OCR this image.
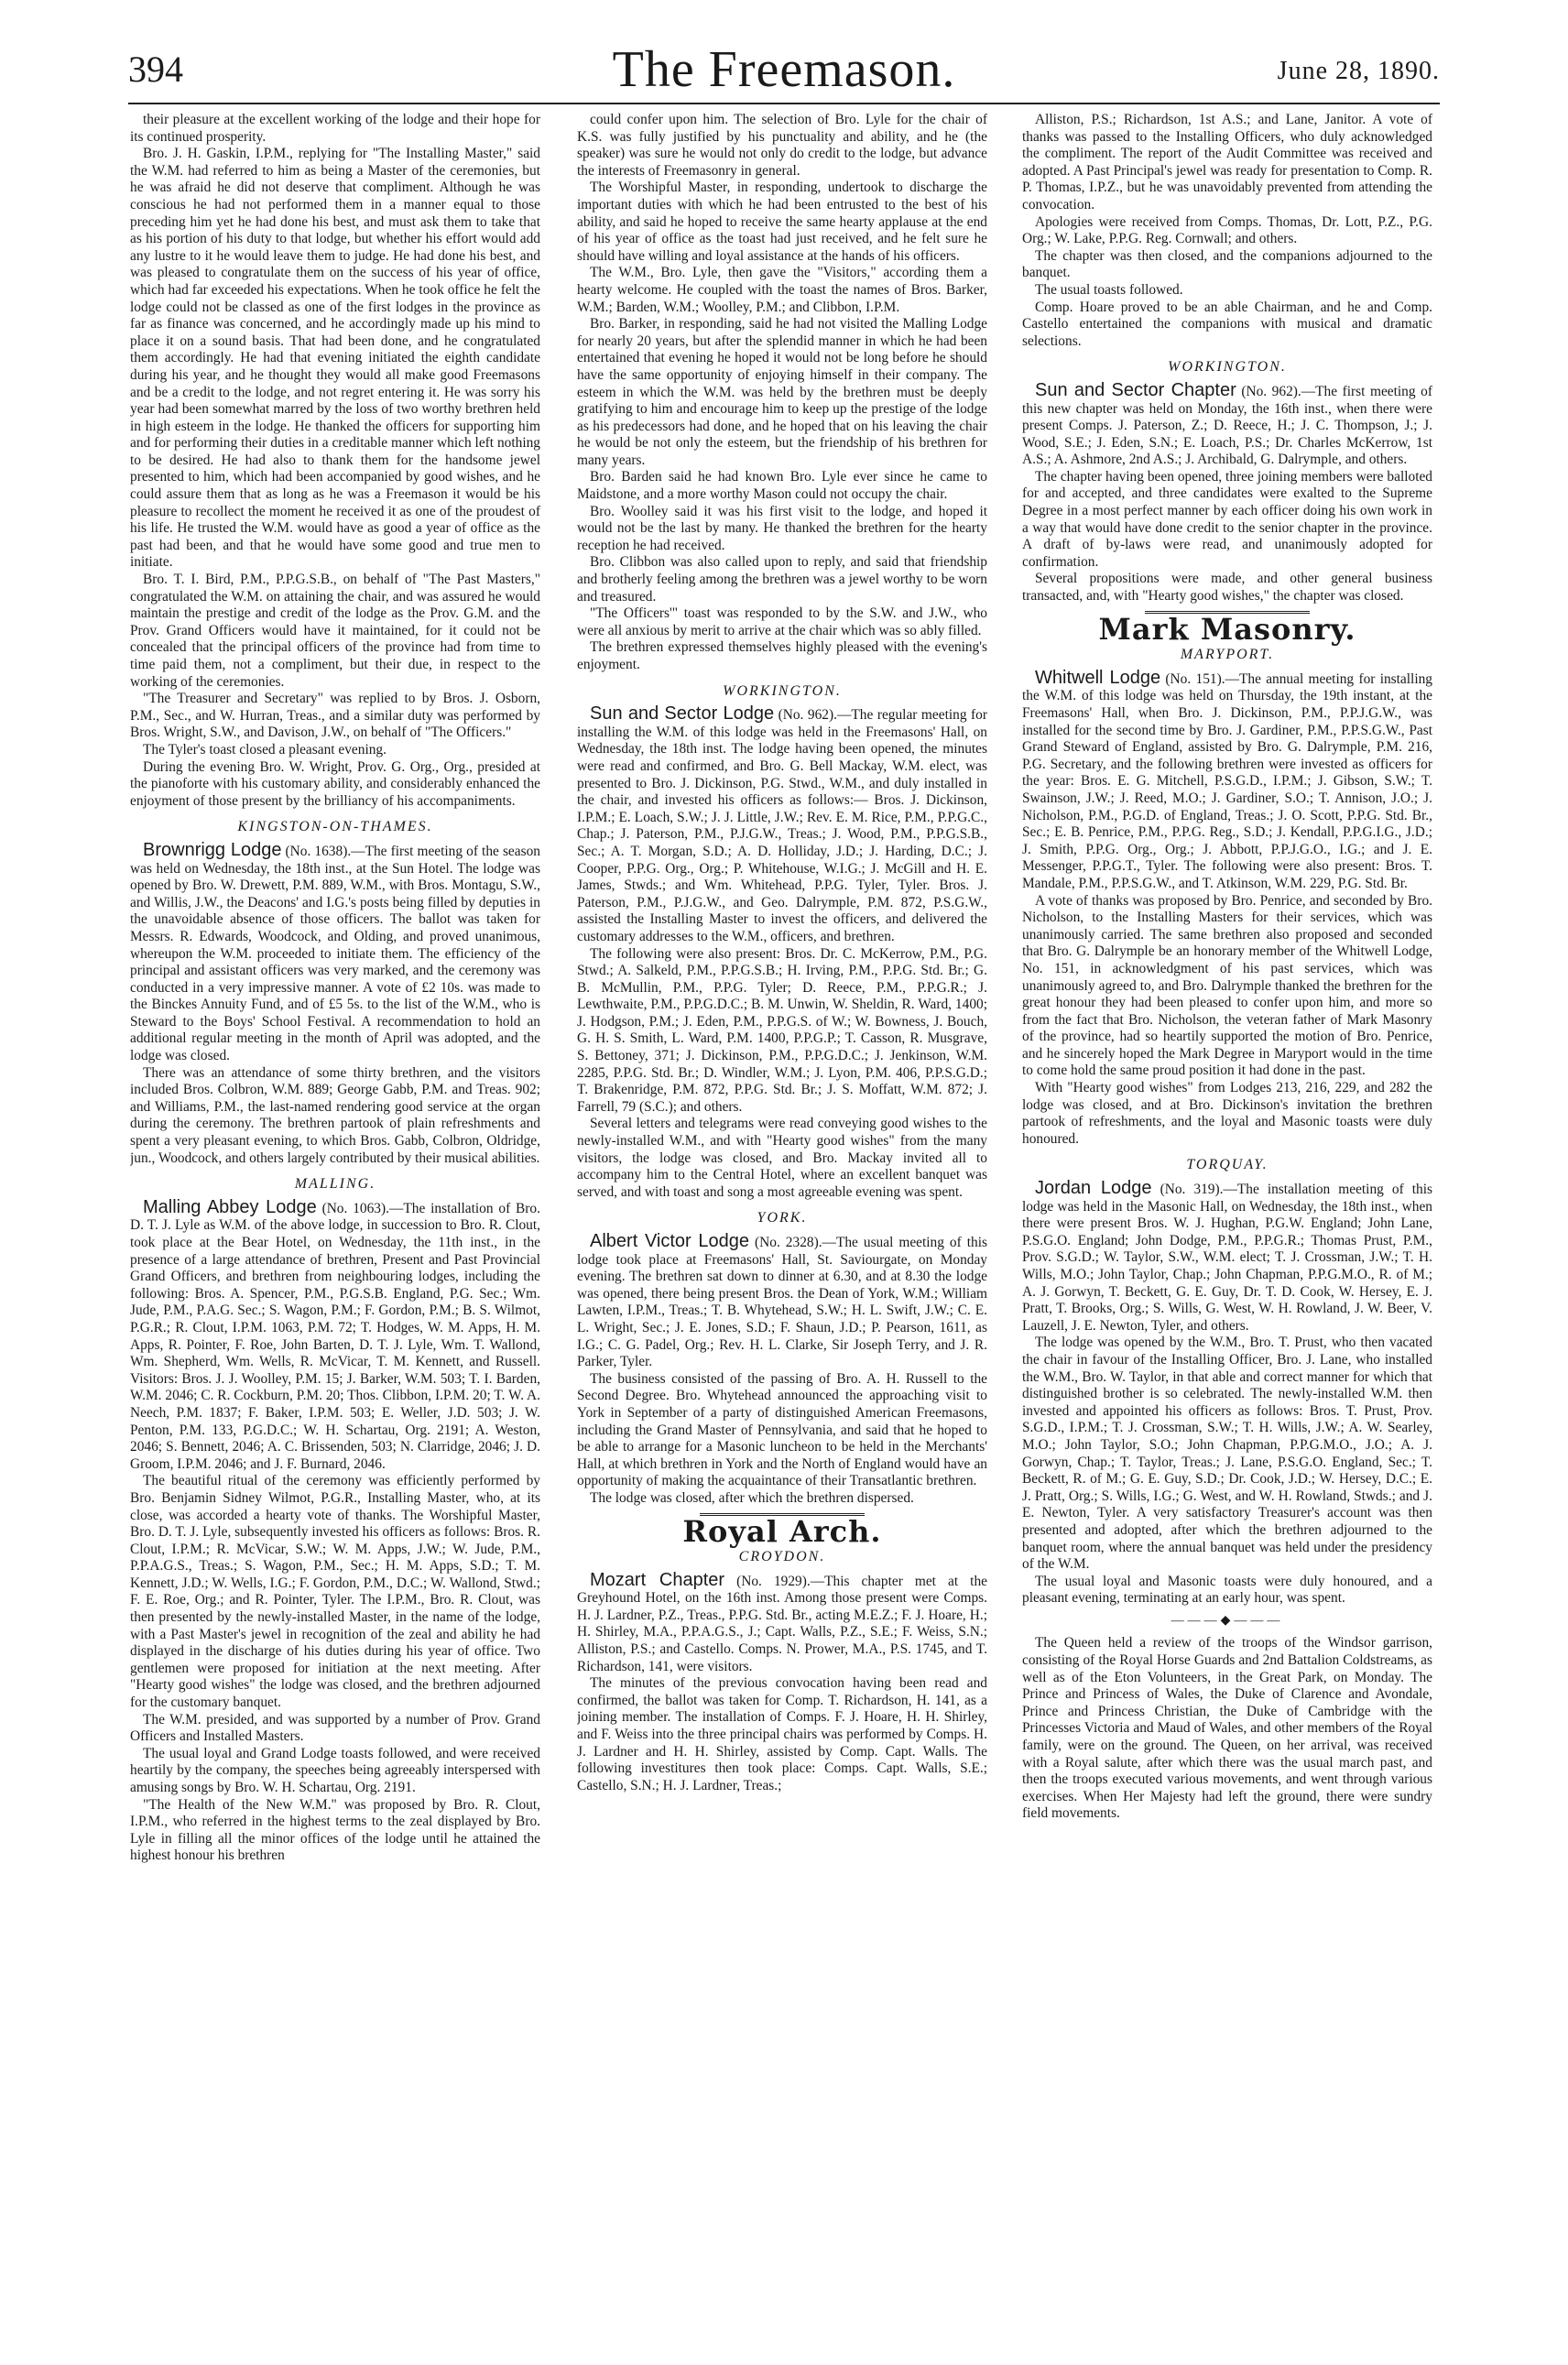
394	The Freemason.	June 28, 1890.

their pleasure at the excellent working of the lodge and their hope for its continued prosperity.

Bro. J. H. Gaskin, I.P.M., replying for "The Installing Master," said the W.M. had referred to him as being a Master of the ceremonies, but he was afraid he did not deserve that compliment. Although he was conscious he had not performed them in a manner equal to those preceding him yet he had done his best, and must ask them to take that as his portion of his duty to that lodge, but whether his effort would add any lustre to it he would leave them to judge. He had done his best, and was pleased to congratulate them on the success of his year of office, which had far exceeded his expectations. When he took office he felt the lodge could not be classed as one of the first lodges in the province as far as finance was concerned, and he accordingly made up his mind to place it on a sound basis. That had been done, and he congratulated them accordingly. He had that evening initiated the eighth candidate during his year, and he thought they would all make good Freemasons and be a credit to the lodge, and not regret entering it. He was sorry his year had been somewhat marred by the loss of two worthy brethren held in high esteem in the lodge. He thanked the officers for supporting him and for performing their duties in a creditable manner which left nothing to be desired. He had also to thank them for the handsome jewel presented to him, which had been accompanied by good wishes, and he could assure them that as long as he was a Freemason it would be his pleasure to recollect the moment he received it as one of the proudest of his life. He trusted the W.M. would have as good a year of office as the past had been, and that he would have some good and true men to initiate.

Bro. T. I. Bird, P.M., P.P.G.S.B., on behalf of "The Past Masters," congratulated the W.M. on attaining the chair, and was assured he would maintain the prestige and credit of the lodge as the Prov. G.M. and the Prov. Grand Officers would have it maintained, for it could not be concealed that the principal officers of the province had from time to time paid them, not a compliment, but their due, in respect to the working of the ceremonies.

"The Treasurer and Secretary" was replied to by Bros. J. Osborn, P.M., Sec., and W. Hurran, Treas., and a similar duty was performed by Bros. Wright, S.W., and Davison, J.W., on behalf of "The Officers."

The Tyler's toast closed a pleasant evening.

During the evening Bro. W. Wright, Prov. G. Org., Org., presided at the pianoforte with his customary ability, and considerably enhanced the enjoyment of those present by the brilliancy of his accompaniments.

KINGSTON-ON-THAMES.

Brownrigg Lodge (No. 1638).—The first meeting of the season was held on Wednesday, the 18th inst., at the Sun Hotel. The lodge was opened by Bro. W. Drewett, P.M. 889, W.M., with Bros. Montagu, S.W., and Willis, J.W., the Deacons' and I.G.'s posts being filled by deputies in the unavoidable absence of those officers. The ballot was taken for Messrs. R. Edwards, Woodcock, and Olding, and proved unanimous, whereupon the W.M. proceeded to initiate them. The efficiency of the principal and assistant officers was very marked, and the ceremony was conducted in a very impressive manner. A vote of £2 10s. was made to the Binckes Annuity Fund, and of £5 5s. to the list of the W.M., who is Steward to the Boys' School Festival. A recommendation to hold an additional regular meeting in the month of April was adopted, and the lodge was closed.

There was an attendance of some thirty brethren, and the visitors included Bros. Colbron, W.M. 889; George Gabb, P.M. and Treas. 902; and Williams, P.M., the last-named rendering good service at the organ during the ceremony. The brethren partook of plain refreshments and spent a very pleasant evening, to which Bros. Gabb, Colbron, Oldridge, jun., Woodcock, and others largely contributed by their musical abilities.

MALLING.

Malling Abbey Lodge (No. 1063).—The installation of Bro. D. T. J. Lyle as W.M. of the above lodge, in succession to Bro. R. Clout, took place at the Bear Hotel, on Wednesday, the 11th inst., in the presence of a large attendance of brethren, Present and Past Provincial Grand Officers, and brethren from neighbouring lodges, including the following: Bros. A. Spencer, P.M., P.G.S.B. England, P.G. Sec.; Wm. Jude, P.M., P.A.G. Sec.; S. Wagon, P.M.; F. Gordon, P.M.; B. S. Wilmot, P.G.R.; R. Clout, I.P.M. 1063, P.M. 72; T. Hodges, W. M. Apps, H. M. Apps, R. Pointer, F. Roe, John Barten, D. T. J. Lyle, Wm. T. Wallond, Wm. Shepherd, Wm. Wells, R. McVicar, T. M. Kennett, and Russell. Visitors: Bros. J. J. Woolley, P.M. 15; J. Barker, W.M. 503; T. I. Barden, W.M. 2046; C. R. Cockburn, P.M. 20; Thos. Clibbon, I.P.M. 20; T. W. A. Neech, P.M. 1837; F. Baker, I.P.M. 503; E. Weller, J.D. 503; J. W. Penton, P.M. 133, P.G.D.C.; W. H. Schartau, Org. 2191; A. Weston, 2046; S. Bennett, 2046; A. C. Brissenden, 503; N. Clarridge, 2046; J. D. Groom, I.P.M. 2046; and J. F. Burnard, 2046.

The beautiful ritual of the ceremony was efficiently performed by Bro. Benjamin Sidney Wilmot, P.G.R., Installing Master, who, at its close, was accorded a hearty vote of thanks. The Worshipful Master, Bro. D. T. J. Lyle, subsequently invested his officers as follows: Bros. R. Clout, I.P.M.; R. McVicar, S.W.; W. M. Apps, J.W.; W. Jude, P.M., P.P.A.G.S., Treas.; S. Wagon, P.M., Sec.; H. M. Apps, S.D.; T. M. Kennett, J.D.; W. Wells, I.G.; F. Gordon, P.M., D.C.; W. Wallond, Stwd.; F. E. Roe, Org.; and R. Pointer, Tyler. The I.P.M., Bro. R. Clout, was then presented by the newly-installed Master, in the name of the lodge, with a Past Master's jewel in recognition of the zeal and ability he had displayed in the discharge of his duties during his year of office. Two gentlemen were proposed for initiation at the next meeting. After "Hearty good wishes" the lodge was closed, and the brethren adjourned for the customary banquet.

The W.M. presided, and was supported by a number of Prov. Grand Officers and Installed Masters.

The usual loyal and Grand Lodge toasts followed, and were received heartily by the company, the speeches being agreeably interspersed with amusing songs by Bro. W. H. Schartau, Org. 2191.

"The Health of the New W.M." was proposed by Bro. R. Clout, I.P.M., who referred in the highest terms to the zeal displayed by Bro. Lyle in filling all the minor offices of the lodge until he attained the highest honour his brethren

could confer upon him. The selection of Bro. Lyle for the chair of K.S. was fully justified by his punctuality and ability, and he (the speaker) was sure he would not only do credit to the lodge, but advance the interests of Freemasonry in general.

The Worshipful Master, in responding, undertook to discharge the important duties with which he had been entrusted to the best of his ability, and said he hoped to receive the same hearty applause at the end of his year of office as the toast had just received, and he felt sure he should have willing and loyal assistance at the hands of his officers.

The W.M., Bro. Lyle, then gave the "Visitors," according them a hearty welcome. He coupled with the toast the names of Bros. Barker, W.M.; Barden, W.M.; Woolley, P.M.; and Clibbon, I.P.M.

Bro. Barker, in responding, said he had not visited the Malling Lodge for nearly 20 years, but after the splendid manner in which he had been entertained that evening he hoped it would not be long before he should have the same opportunity of enjoying himself in their company. The esteem in which the W.M. was held by the brethren must be deeply gratifying to him and encourage him to keep up the prestige of the lodge as his predecessors had done, and he hoped that on his leaving the chair he would be not only the esteem, but the friendship of his brethren for many years.

Bro. Barden said he had known Bro. Lyle ever since he came to Maidstone, and a more worthy Mason could not occupy the chair.

Bro. Woolley said it was his first visit to the lodge, and hoped it would not be the last by many. He thanked the brethren for the hearty reception he had received.

Bro. Clibbon was also called upon to reply, and said that friendship and brotherly feeling among the brethren was a jewel worthy to be worn and treasured.

"The Officers'" toast was responded to by the S.W. and J.W., who were all anxious by merit to arrive at the chair which was so ably filled.

The brethren expressed themselves highly pleased with the evening's enjoyment.

WORKINGTON.

Sun and Sector Lodge (No. 962).—The regular meeting for installing the W.M. of this lodge was held in the Freemasons' Hall, on Wednesday, the 18th inst. The lodge having been opened, the minutes were read and confirmed, and Bro. G. Bell Mackay, W.M. elect, was presented to Bro. J. Dickinson, P.G. Stwd., W.M., and duly installed in the chair, and invested his officers as follows:— Bros. J. Dickinson, I.P.M.; E. Loach, S.W.; J. J. Little, J.W.; Rev. E. M. Rice, P.M., P.P.G.C., Chap.; J. Paterson, P.M., P.J.G.W., Treas.; J. Wood, P.M., P.P.G.S.B., Sec.; A. T. Morgan, S.D.; A. D. Holliday, J.D.; J. Harding, D.C.; J. Cooper, P.P.G. Org., Org.; P. Whitehouse, W.I.G.; J. McGill and H. E. James, Stwds.; and Wm. Whitehead, P.P.G. Tyler, Tyler. Bros. J. Paterson, P.M., P.J.G.W., and Geo. Dalrymple, P.M. 872, P.S.G.W., assisted the Installing Master to invest the officers, and delivered the customary addresses to the W.M., officers, and brethren.

The following were also present: Bros. Dr. C. McKerrow, P.M., P.G. Stwd.; A. Salkeld, P.M., P.P.G.S.B.; H. Irving, P.M., P.P.G. Std. Br.; G. B. McMullin, P.M., P.P.G. Tyler; D. Reece, P.M., P.P.G.R.; J. Lewthwaite, P.M., P.P.G.D.C.; B. M. Unwin, W. Sheldin, R. Ward, 1400; J. Hodgson, P.M.; J. Eden, P.M., P.P.G.S. of W.; W. Bowness, J. Bouch, G. H. S. Smith, L. Ward, P.M. 1400, P.P.G.P.; T. Casson, R. Musgrave, S. Bettoney, 371; J. Dickinson, P.M., P.P.G.D.C.; J. Jenkinson, W.M. 2285, P.P.G. Std. Br.; D. Windler, W.M.; J. Lyon, P.M. 406, P.P.S.G.D.; T. Brakenridge, P.M. 872, P.P.G. Std. Br.; J. S. Moffatt, W.M. 872; J. Farrell, 79 (S.C.); and others.

Several letters and telegrams were read conveying good wishes to the newly-installed W.M., and with "Hearty good wishes" from the many visitors, the lodge was closed, and Bro. Mackay invited all to accompany him to the Central Hotel, where an excellent banquet was served, and with toast and song a most agreeable evening was spent.

YORK.

Albert Victor Lodge (No. 2328).—The usual meeting of this lodge took place at Freemasons' Hall, St. Saviourgate, on Monday evening. The brethren sat down to dinner at 6.30, and at 8.30 the lodge was opened, there being present Bros. the Dean of York, W.M.; William Lawten, I.P.M., Treas.; T. B. Whytehead, S.W.; H. L. Swift, J.W.; C. E. L. Wright, Sec.; J. E. Jones, S.D.; F. Shaun, J.D.; P. Pearson, 1611, as I.G.; C. G. Padel, Org.; Rev. H. L. Clarke, Sir Joseph Terry, and J. R. Parker, Tyler.

The business consisted of the passing of Bro. A. H. Russell to the Second Degree. Bro. Whytehead announced the approaching visit to York in September of a party of distinguished American Freemasons, including the Grand Master of Pennsylvania, and said that he hoped to be able to arrange for a Masonic luncheon to be held in the Merchants' Hall, at which brethren in York and the North of England would have an opportunity of making the acquaintance of their Transatlantic brethren.

The lodge was closed, after which the brethren dispersed.

Royal Arch.
CROYDON.

Mozart Chapter (No. 1929).—This chapter met at the Greyhound Hotel, on the 16th inst. Among those present were Comps. H. J. Lardner, P.Z., Treas., P.P.G. Std. Br., acting M.E.Z.; F. J. Hoare, H.; H. Shirley, M.A., P.P.A.G.S., J.; Capt. Walls, P.Z., S.E.; F. Weiss, S.N.; Alliston, P.S.; and Castello. Comps. N. Prower, M.A., P.S. 1745, and T. Richardson, 141, were visitors.

The minutes of the previous convocation having been read and confirmed, the ballot was taken for Comp. T. Richardson, H. 141, as a joining member. The installation of Comps. F. J. Hoare, H. H. Shirley, and F. Weiss into the three principal chairs was performed by Comps. H. J. Lardner and H. H. Shirley, assisted by Comp. Capt. Walls. The following investitures then took place: Comps. Capt. Walls, S.E.; Castello, S.N.; H. J. Lardner, Treas.;

Alliston, P.S.; Richardson, 1st A.S.; and Lane, Janitor. A vote of thanks was passed to the Installing Officers, who duly acknowledged the compliment. The report of the Audit Committee was received and adopted. A Past Principal's jewel was ready for presentation to Comp. R. P. Thomas, I.P.Z., but he was unavoidably prevented from attending the convocation.

Apologies were received from Comps. Thomas, Dr. Lott, P.Z., P.G. Org.; W. Lake, P.P.G. Reg. Cornwall; and others.

The chapter was then closed, and the companions adjourned to the banquet.

The usual toasts followed.

Comp. Hoare proved to be an able Chairman, and he and Comp. Castello entertained the companions with musical and dramatic selections.

WORKINGTON.

Sun and Sector Chapter (No. 962).—The first meeting of this new chapter was held on Monday, the 16th inst., when there were present Comps. J. Paterson, Z.; D. Reece, H.; J. C. Thompson, J.; J. Wood, S.E.; J. Eden, S.N.; E. Loach, P.S.; Dr. Charles McKerrow, 1st A.S.; A. Ashmore, 2nd A.S.; J. Archibald, G. Dalrymple, and others.

The chapter having been opened, three joining members were balloted for and accepted, and three candidates were exalted to the Supreme Degree in a most perfect manner by each officer doing his own work in a way that would have done credit to the senior chapter in the province. A draft of by-laws were read, and unanimously adopted for confirmation.

Several propositions were made, and other general business transacted, and, with "Hearty good wishes," the chapter was closed.

Mark Masonry.
MARYPORT.

Whitwell Lodge (No. 151).—The annual meeting for installing the W.M. of this lodge was held on Thursday, the 19th instant, at the Freemasons' Hall, when Bro. J. Dickinson, P.M., P.P.J.G.W., was installed for the second time by Bro. J. Gardiner, P.M., P.P.S.G.W., Past Grand Steward of England, assisted by Bro. G. Dalrymple, P.M. 216, P.G. Secretary, and the following brethren were invested as officers for the year: Bros. E. G. Mitchell, P.S.G.D., I.P.M.; J. Gibson, S.W.; T. Swainson, J.W.; J. Reed, M.O.; J. Gardiner, S.O.; T. Annison, J.O.; J. Nicholson, P.M., P.G.D. of England, Treas.; J. O. Scott, P.P.G. Std. Br., Sec.; E. B. Penrice, P.M., P.P.G. Reg., S.D.; J. Kendall, P.P.G.I.G., J.D.; J. Smith, P.P.G. Org., Org.; J. Abbott, P.P.J.G.O., I.G.; and J. E. Messenger, P.P.G.T., Tyler. The following were also present: Bros. T. Mandale, P.M., P.P.S.G.W., and T. Atkinson, W.M. 229, P.G. Std. Br.

A vote of thanks was proposed by Bro. Penrice, and seconded by Bro. Nicholson, to the Installing Masters for their services, which was unanimously carried. The same brethren also proposed and seconded that Bro. G. Dalrymple be an honorary member of the Whitwell Lodge, No. 151, in acknowledgment of his past services, which was unanimously agreed to, and Bro. Dalrymple thanked the brethren for the great honour they had been pleased to confer upon him, and more so from the fact that Bro. Nicholson, the veteran father of Mark Masonry of the province, had so heartily supported the motion of Bro. Penrice, and he sincerely hoped the Mark Degree in Maryport would in the time to come hold the same proud position it had done in the past.

With "Hearty good wishes" from Lodges 213, 216, 229, and 282 the lodge was closed, and at Bro. Dickinson's invitation the brethren partook of refreshments, and the loyal and Masonic toasts were duly honoured.

TORQUAY.

Jordan Lodge (No. 319).—The installation meeting of this lodge was held in the Masonic Hall, on Wednesday, the 18th inst., when there were present Bros. W. J. Hughan, P.G.W. England; John Lane, P.S.G.O. England; John Dodge, P.M., P.P.G.R.; Thomas Prust, P.M., Prov. S.G.D.; W. Taylor, S.W., W.M. elect; T. J. Crossman, J.W.; T. H. Wills, M.O.; John Taylor, Chap.; John Chapman, P.P.G.M.O., R. of M.; A. J. Gorwyn, T. Beckett, G. E. Guy, Dr. T. D. Cook, W. Hersey, E. J. Pratt, T. Brooks, Org.; S. Wills, G. West, W. H. Rowland, J. W. Beer, V. Lauzell, J. E. Newton, Tyler, and others.

The lodge was opened by the W.M., Bro. T. Prust, who then vacated the chair in favour of the Installing Officer, Bro. J. Lane, who installed the W.M., Bro. W. Taylor, in that able and correct manner for which that distinguished brother is so celebrated. The newly-installed W.M. then invested and appointed his officers as follows: Bros. T. Prust, Prov. S.G.D., I.P.M.; T. J. Crossman, S.W.; T. H. Wills, J.W.; A. W. Searley, M.O.; John Taylor, S.O.; John Chapman, P.P.G.M.O., J.O.; A. J. Gorwyn, Chap.; T. Taylor, Treas.; J. Lane, P.S.G.O. England, Sec.; T. Beckett, R. of M.; G. E. Guy, S.D.; Dr. Cook, J.D.; W. Hersey, D.C.; E. J. Pratt, Org.; S. Wills, I.G.; G. West, and W. H. Rowland, Stwds.; and J. E. Newton, Tyler. A very satisfactory Treasurer's account was then presented and adopted, after which the brethren adjourned to the banquet room, where the annual banquet was held under the presidency of the W.M.

The usual loyal and Masonic toasts were duly honoured, and a pleasant evening, terminating at an early hour, was spent.

———◆———

The Queen held a review of the troops of the Windsor garrison, consisting of the Royal Horse Guards and 2nd Battalion Coldstreams, as well as of the Eton Volunteers, in the Great Park, on Monday. The Prince and Princess of Wales, the Duke of Clarence and Avondale, Prince and Princess Christian, the Duke of Cambridge with the Princesses Victoria and Maud of Wales, and other members of the Royal family, were on the ground. The Queen, on her arrival, was received with a Royal salute, after which there was the usual march past, and then the troops executed various movements, and went through various exercises. When Her Majesty had left the ground, there were sundry field movements.
